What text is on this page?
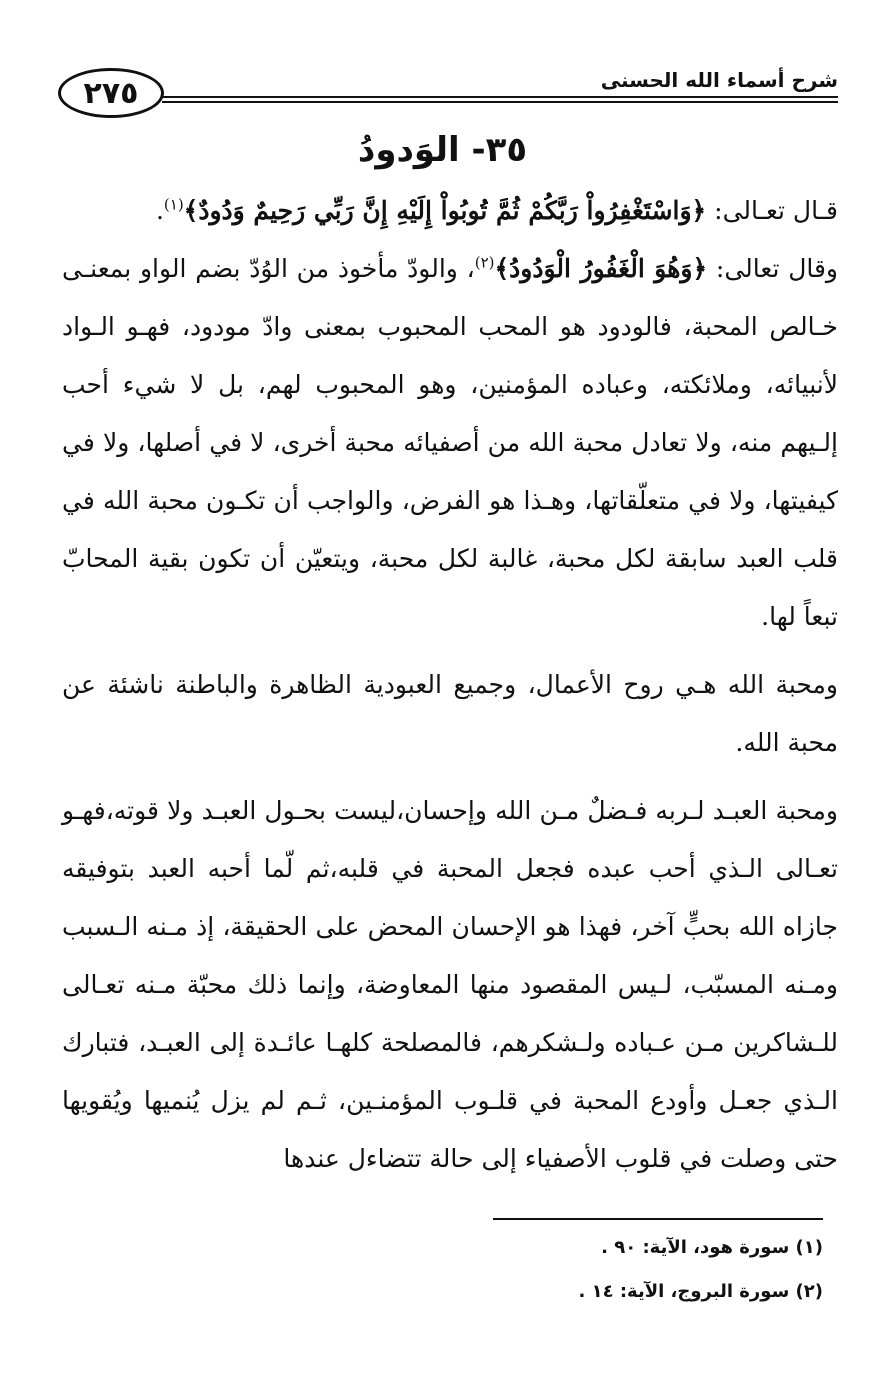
٢٧٥	شرح أسماء الله الحسنى
٣٥- الوَدودُ

قـال تعـالى: ﴿وَاسْتَغْفِرُواْ رَبَّكُمْ ثُمَّ تُوبُواْ إِلَيْهِ إِنَّ رَبِّي رَحِيمٌ وَدُودٌ﴾$^{(١)}$.
وقال تعالى: ﴿وَهُوَ الْغَفُورُ الْوَدُودُ﴾$^{(٢)}$، والودّ مأخوذ من الوُدّ بضم الواو بمعنـى خـالص المحبة، فالودود هو المحب المحبوب بمعنى وادّ مودود، فهـو الـواد لأنبيائه، وملائكته، وعباده المؤمنين، وهو المحبوب لهم، بل لا شيء أحب إلـيهم منه، ولا تعادل محبة الله من أصفيائه محبة أخرى، لا في أصلها، ولا في كيفيتها، ولا في متعلّقاتها، وهـذا هو الفرض، والواجب أن تكـون محبة الله في قلب العبد سابقة لكل محبة، غالبة لكل محبة، ويتعيّن أن تكون بقية المحابّ تبعاً لها.

ومحبة الله هـي روح الأعمال، وجميع العبودية الظاهرة والباطنة ناشئة عن محبة الله.

ومحبة العبـد لـربه فـضلٌ مـن الله وإحسان،ليست بحـول العبـد ولا قوته،فهـو تعـالى الـذي أحب عبده فجعل المحبة في قلبه،ثم لّما أحبه العبد بتوفيقه جازاه الله بحبٍّ آخر، فهذا هو الإحسان المحض على الحقيقة، إذ مـنه الـسبب ومـنه المسبّب، لـيس المقصود منها المعاوضة، وإنما ذلك محبّة مـنه تعـالى للـشاكرين مـن عـباده ولـشكرهم، فالمصلحة كلهـا عائـدة إلى العبـد، فتبارك الـذي جعـل وأودع المحبة في قلـوب المؤمنـين، ثـم لم يزل يُنميها ويُقويها حتى وصلت في قلوب الأصفياء إلى حالة تتضاءل عندها

(١) سورة هود، الآية: ٩٠ .
(٢) سورة البروج، الآية: ١٤ .
